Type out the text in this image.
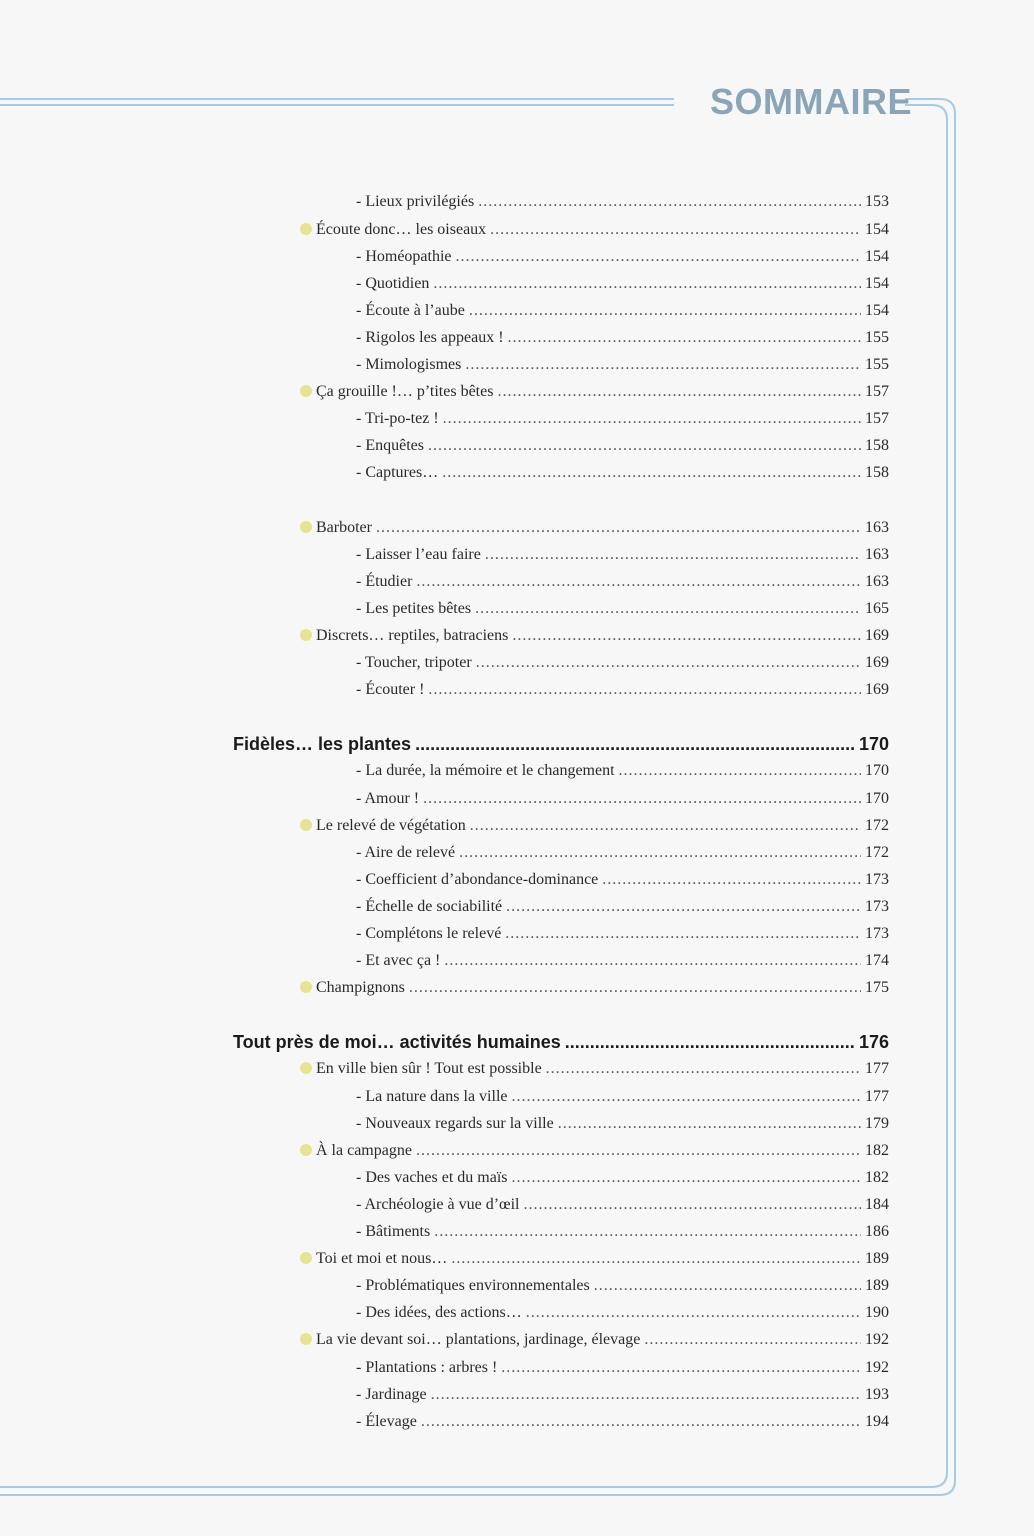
SOMMAIRE
- Lieux privilégiés .....	153
Écoute donc… les oiseaux .....	154
- Homéopathie .....	154
- Quotidien .....	154
- Écoute à l’aube .....	154
- Rigolos les appeaux ! .....	155
- Mimologismes .....	155
Ça grouille !… p’tites bêtes .....	157
- Tri-po-tez ! .....	157
- Enquêtes .....	158
- Captures… .....	158
Barboter .....	163
- Laisser l’eau faire .....	163
- Étudier .....	163
- Les petites bêtes .....	165
Discrets… reptiles, batraciens .....	169
- Toucher, tripoter .....	169
- Écouter ! .....	169
Fidèles… les plantes .....	170
- La durée, la mémoire et le changement .....	170
- Amour ! .....	170
Le relevé de végétation .....	172
- Aire de relevé .....	172
- Coefficient d’abondance-dominance .....	173
- Échelle de sociabilité .....	173
- Complétons le relevé .....	173
- Et avec ça ! .....	174
Champignons .....	175
Tout près de moi… activités humaines .....	176
En ville bien sûr ! Tout est possible .....	177
- La nature dans la ville .....	177
- Nouveaux regards sur la ville .....	179
À la campagne .....	182
- Des vaches et du maïs .....	182
- Archéologie à vue d’œil .....	184
- Bâtiments .....	186
Toi et moi et nous… .....	189
- Problématiques environnementales .....	189
- Des idées, des actions… .....	190
La vie devant soi… plantations, jardinage, élevage .....	192
- Plantations : arbres ! .....	192
- Jardinage .....	193
- Élevage .....	194
